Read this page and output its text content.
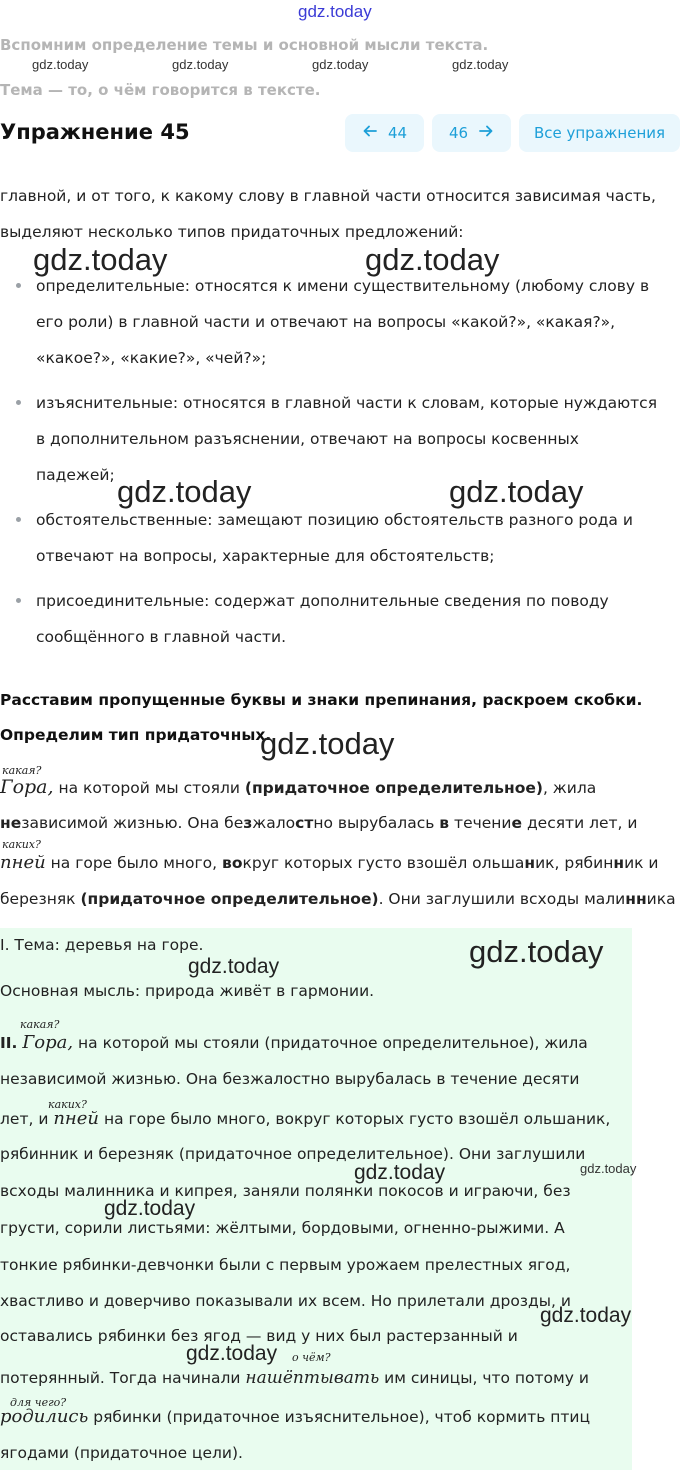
gdz.today
Вспомним определение темы и основной мысли текста.
gdz.today	gdz.today	gdz.today	gdz.today
Тема — то, о чём говорится в тексте.
Упражнение 45	44	46	Все упражнения
главной, и от того, к какому слову в главной части относится зависимая часть,
выделяют несколько типов придаточных предложений:
gdz.today	gdz.today
определительные: относятся к имени существительному (любому слову в
его роли) в главной части и отвечают на вопросы «какой?», «какая?»,
«какое?», «какие?», «чей?»;
изъяснительные: относятся в главной части к словам, которые нуждаются
в дополнительном разъяснении, отвечают на вопросы косвенных
падежей; gdz.today	gdz.today
обстоятельственные: замещают позицию обстоятельств разного рода и
отвечают на вопросы, характерные для обстоятельств;
присоединительные: содержат дополнительные сведения по поводу
сообщённого в главной части.
Расставим пропущенные буквы и знаки препинания, раскроем скобки.
Определим тип придаточных.
gdz.today
какая?
Гора, на которой мы стояли (придаточное определительное), жила
независимой жизнью. Она безжалостно вырубалась в течение десяти лет, и
каких?
пней на горе было много, вокруг которых густо взошёл ольшаник, рябинник и
березняк (придаточное определительное). Они заглушили всходы малинника
I. Тема: деревья на горе.	gdz.today
gdz.today
Основная мысль: природа живёт в гармонии.
какая?
II. Гора, на которой мы стояли (придаточное определительное), жила
независимой жизнью. Она безжалостно вырубалась в течение десяти
каких?
лет, и пней на горе было много, вокруг которых густо взошёл ольшаник,
рябинник и березняк (придаточное определительное). Они заглушили
gdz.today	gdz.today
всходы малинника и кипрея, заняли полянки покосов и играючи, без
gdz.today
грусти, сорили листьями: жёлтыми, бордовыми, огненно-рыжими. А
тонкие рябинки-девчонки были с первым урожаем прелестных ягод,
хвастливо и доверчиво показывали их всем. Но прилетали дрозды, и
gdz.today
оставались рябинки без ягод — вид у них был растерзанный и
gdz.today о чём?
потерянный. Тогда начинали нашёптывать им синицы, что потому и
для чего?
родились рябинки (придаточное изъяснительное), чтоб кормить птиц
ягодами (придаточное цели).
